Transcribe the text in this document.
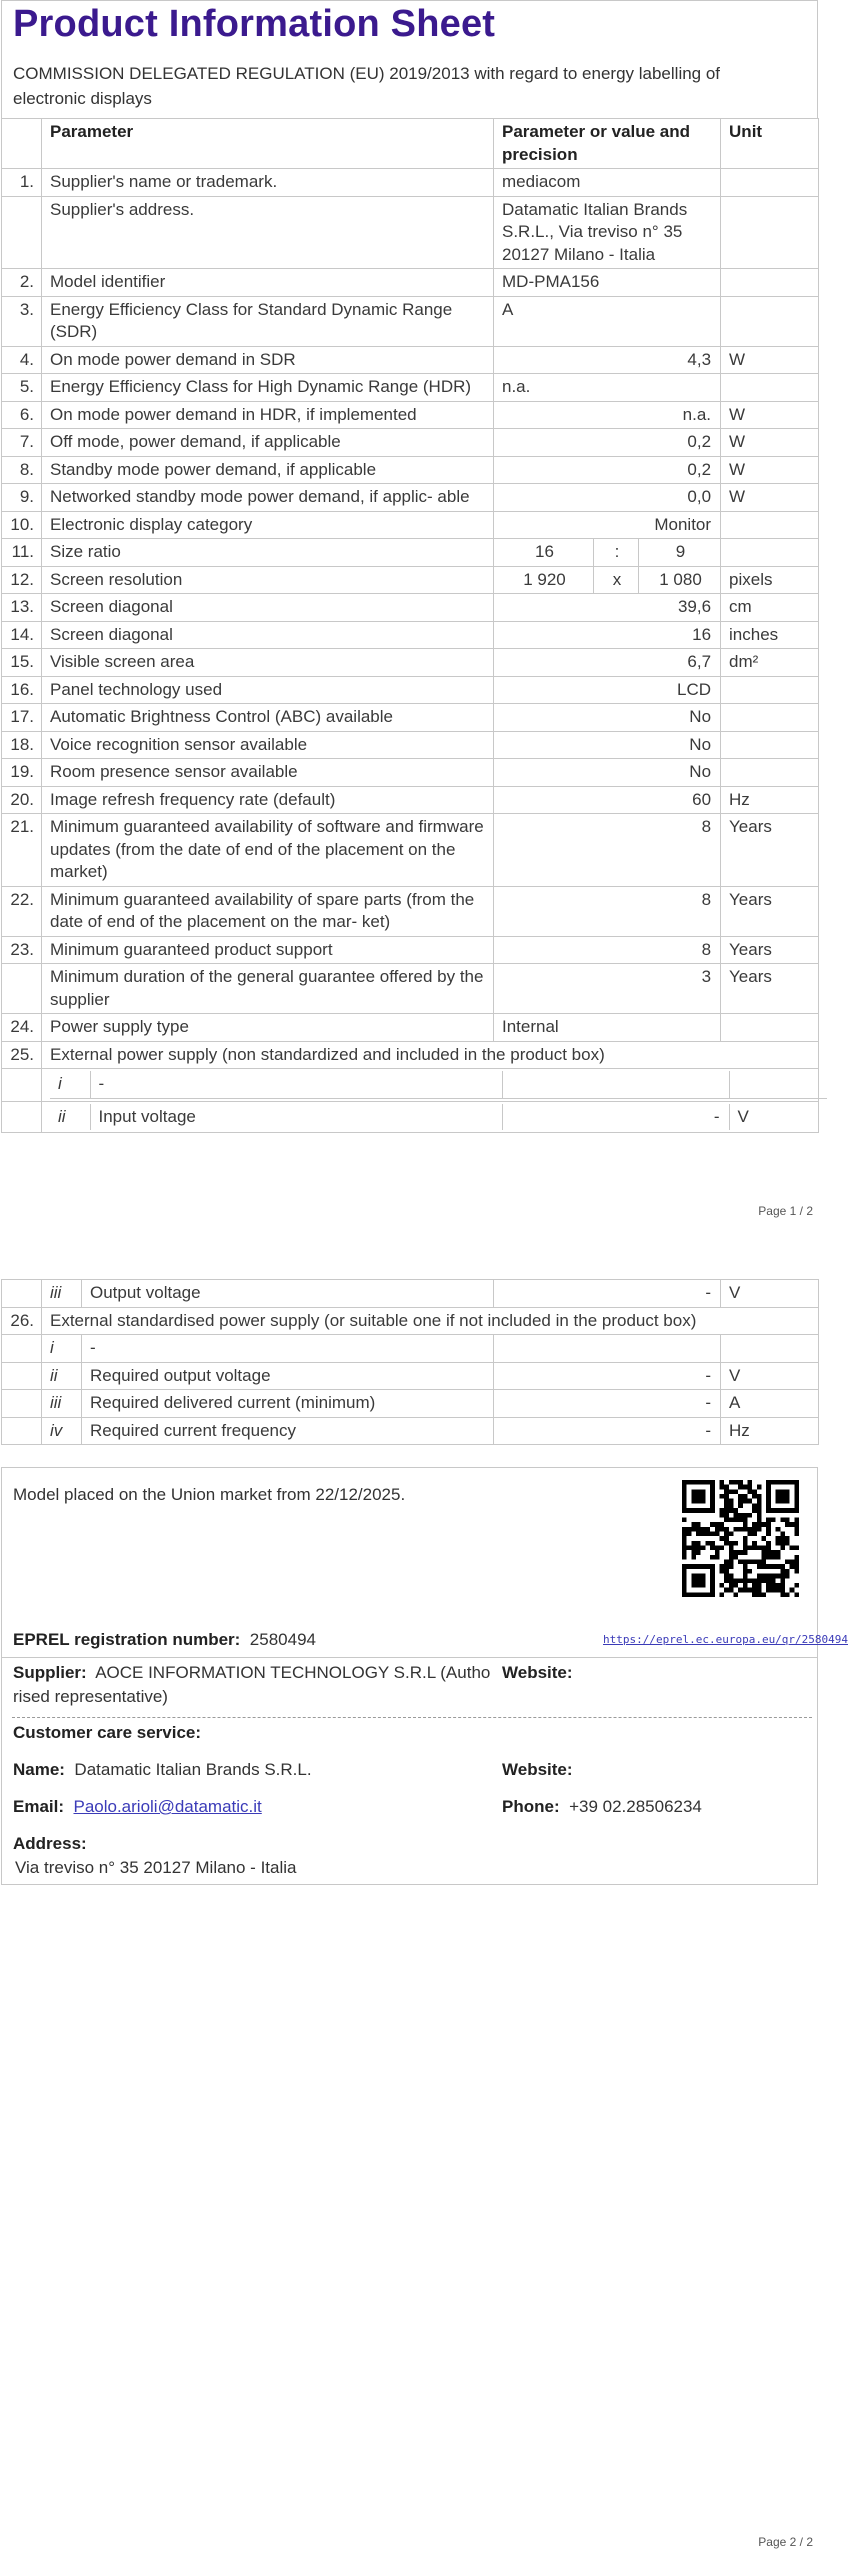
Product Information Sheet
COMMISSION DELEGATED REGULATION (EU) 2019/2013 with regard to energy labelling of electronic displays
	Parameter	Parameter or value and precision	Unit
1.	Supplier's name or trademark.	mediacom	
	Supplier's address.	Datamatic Italian Brands S.R.L., Via treviso n° 35 20127 Milano - Italia	
2.	Model identifier	MD-PMA156	
3.	Energy Efficiency Class for Standard Dynamic Range (SDR)	A	
4.	On mode power demand in SDR	4,3	W
5.	Energy Efficiency Class for High Dynamic Range (HDR)	n.a.	
6.	On mode power demand in HDR, if implemented	n.a.	W
7.	Off mode, power demand, if applicable	0,2	W
8.	Standby mode power demand, if applicable	0,2	W
9.	Networked standby mode power demand, if applic- able	0,0	W
10.	Electronic display category	Monitor	
11.	Size ratio	16	:	9	
12.	Screen resolution	1 920	x	1 080	pixels
13.	Screen diagonal	39,6	cm
14.	Screen diagonal	16	inches
15.	Visible screen area	6,7	dm²
16.	Panel technology used	LCD	
17.	Automatic Brightness Control (ABC) available	No	
18.	Voice recognition sensor available	No	
19.	Room presence sensor available	No	
20.	Image refresh frequency rate (default)	60	Hz
21.	Minimum guaranteed availability of software and firmware updates (from the date of end of the placement on the market)	8	Years
22.	Minimum guaranteed availability of spare parts (from the date of end of the placement on the mar- ket)	8	Years
23.	Minimum guaranteed product support	8	Years
	Minimum duration of the general guarantee offered by the supplier	3	Years
24.	Power supply type	Internal	
25.	External power supply (non standardized and included in the product box)

i	-		

ii	Input voltage	-	V
Page 1 / 2
	iii	Output voltage	-	V
26.	External standardised power supply (or suitable one if not included in the product box)			
	i	-		
	ii	Required output voltage	-	V
	iii	Required delivered current (minimum)	-	A
	iv	Required current frequency	-	Hz
Model placed on the Union market from 22/12/2025.
EPREL registration number: 2580494	https://eprel.ec.europa.eu/qr/2580494
Supplier: AOCE INFORMATION TECHNOLOGY S.R.L (Autho
rised representative)
Website:
Customer care service:
Name: Datamatic Italian Brands S.R.L.	Website:
Email: Paolo.arioli@datamatic.it	Phone: +39 02.28506234
Address:
Via treviso n° 35 20127 Milano - Italia
Page 2 / 2
